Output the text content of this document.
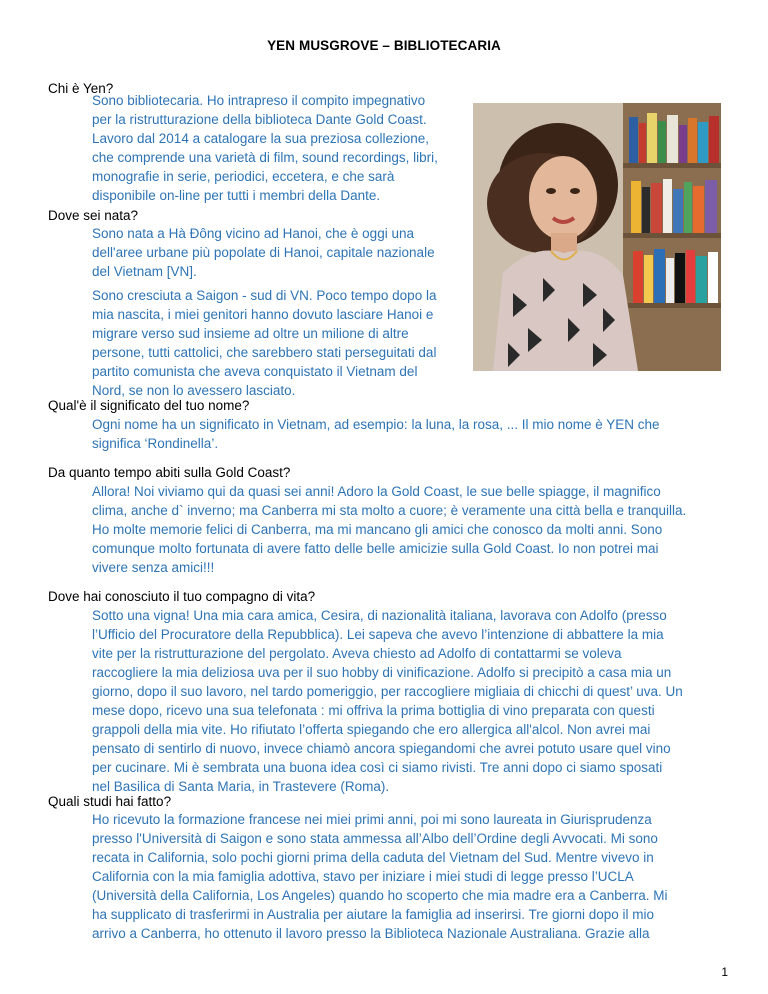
YEN MUSGROVE – BIBLIOTECARIA
Chi è Yen?
Sono bibliotecaria. Ho intrapreso il compito impegnativo
per la ristrutturazione della biblioteca Dante Gold Coast.
Lavoro dal 2014 a catalogare la sua preziosa collezione,
che comprende una varietà di film, sound recordings, libri,
monografie in serie, periodici, eccetera, e che sarà
disponibile on-line per tutti i membri della Dante.
Dove sei nata?
Sono nata a Hà Đông vicino ad Hanoi, che è oggi una
dell'aree urbane più popolate di Hanoi, capitale nazionale
del Vietnam [VN].
Sono cresciuta a Saigon - sud di VN. Poco tempo dopo la
mia nascita, i miei genitori hanno dovuto lasciare Hanoi e
migrare verso sud insieme ad oltre un milione di altre
persone, tutti cattolici, che sarebbero stati perseguitati dal
partito comunista che aveva conquistato il Vietnam del
Nord, se non lo avessero lasciato.
Qual'è il significato del tuo nome?
Ogni nome ha un significato in Vietnam, ad esempio: la luna, la rosa, ... Il mio nome è YEN che
significa ‘Rondinella’.
Da quanto tempo abiti sulla Gold Coast?
Allora! Noi viviamo qui da quasi sei anni! Adoro la Gold Coast, le sue belle spiagge, il magnifico
clima, anche d` inverno; ma Canberra mi sta molto a cuore; è veramente una città bella e tranquilla.
Ho molte memorie felici di Canberra, ma mi mancano gli amici che conosco da molti anni. Sono
comunque molto fortunata di avere fatto delle belle amicizie sulla Gold Coast. Io non potrei mai
vivere senza amici!!!
Dove hai conosciuto il tuo compagno di vita?
Sotto una vigna! Una mia cara amica, Cesira, di nazionalità italiana, lavorava con Adolfo (presso
l’Ufficio del Procuratore della Repubblica). Lei sapeva che avevo l’intenzione di abbattere la mia
vite per la ristrutturazione del pergolato. Aveva chiesto ad Adolfo di contattarmi se voleva
raccogliere la mia deliziosa uva per il suo hobby di vinificazione. Adolfo si precipitò a casa mia un
giorno, dopo il suo lavoro, nel tardo pomeriggio, per raccogliere migliaia di chicchi di quest’ uva. Un
mese dopo, ricevo una sua telefonata : mi offriva la prima bottiglia di vino preparata con questi
grappoli della mia vite. Ho rifiutato l’offerta spiegando che ero allergica all'alcol. Non avrei mai
pensato di sentirlo di nuovo, invece chiamò ancora spiegandomi che avrei potuto usare quel vino
per cucinare. Mi è sembrata una buona idea così ci siamo rivisti. Tre anni dopo ci siamo sposati
nel Basilica di Santa Maria, in Trastevere (Roma).
Quali studi hai fatto?
Ho ricevuto la formazione francese nei miei primi anni, poi mi sono laureata in Giurisprudenza
presso l'Università di Saigon e sono stata ammessa all’Albo dell’Ordine degli Avvocati. Mi sono
recata in California, solo pochi giorni prima della caduta del Vietnam del Sud. Mentre vivevo in
California con la mia famiglia adottiva, stavo per iniziare i miei studi di legge presso l’UCLA
(Università della California, Los Angeles) quando ho scoperto che mia madre era a Canberra. Mi
ha supplicato di trasferirmi in Australia per aiutare la famiglia ad inserirsi. Tre giorni dopo il mio
arrivo a Canberra, ho ottenuto il lavoro presso la Biblioteca Nazionale Australiana. Grazie alla
1
